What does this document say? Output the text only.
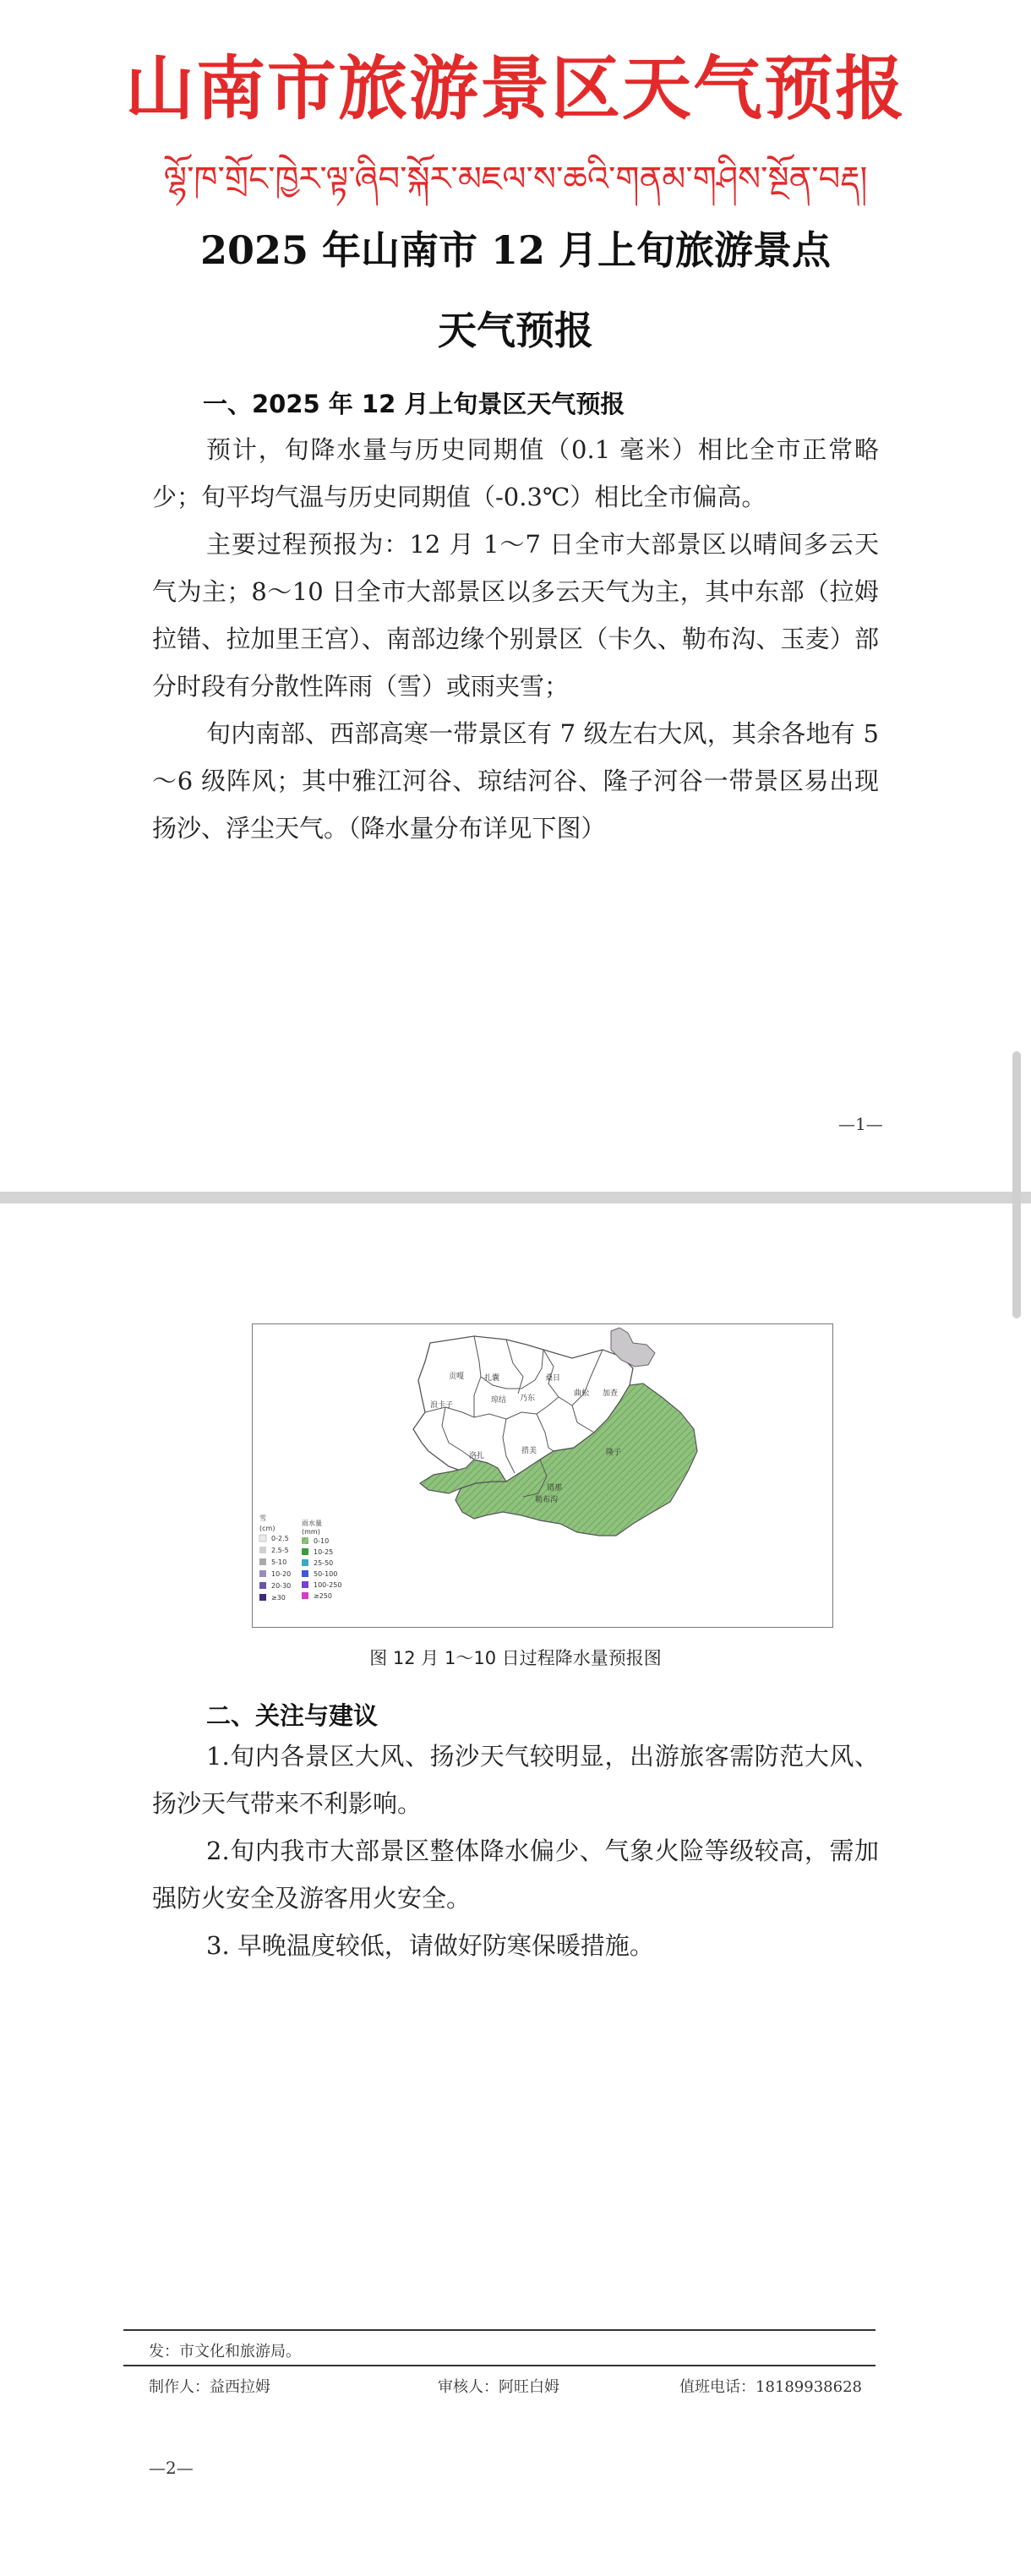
山南市旅游景区天气预报
ལྷོ་ཁ་གྲོང་ཁྱེར་ལྟ་ཞིབ་སྐོར་མཇལ་ས་ཆའི་གནམ་གཤིས་སྔོན་བརྡ།
2025 年山南市 12 月上旬旅游景点
天气预报
一、2025 年 12 月上旬景区天气预报
预计，旬降水量与历史同期值（0.1 毫米）相比全市正常略少；旬平均气温与历史同期值（-0.3℃）相比全市偏高。
主要过程预报为：12 月 1～7 日全市大部景区以晴间多云天气为主；8～10 日全市大部景区以多云天气为主，其中东部（拉姆拉错、拉加里王宫）、南部边缘个别景区（卡久、勒布沟、玉麦）部分时段有分散性阵雨（雪）或雨夹雪；
旬内南部、西部高寒一带景区有 7 级左右大风，其余各地有 5～6 级阵风；其中雅江河谷、琼结河谷、隆子河谷一带景区易出现扬沙、浮尘天气。（降水量分布详见下图）
—1—
浪卡子
贡嘎	扎囊
乃东
桑日
琼结
加查
曲松
措美
洛扎	隆子
错那
勒布沟
雪
(cm)
0-2.5
2.5-5
5-10
10-20
20-30
≥30
雨水量
(mm)
0-10
10-25
25-50
50-100
100-250
≥250
图 12 月 1～10 日过程降水量预报图
二、关注与建议
1.旬内各景区大风、扬沙天气较明显，出游旅客需防范大风、扬沙天气带来不利影响。
2.旬内我市大部景区整体降水偏少、气象火险等级较高，需加强防火安全及游客用火安全。
3. 早晚温度较低，请做好防寒保暖措施。
发：市文化和旅游局。
制作人：益西拉姆	审核人：阿旺白姆	值班电话：18189938628
—2—
